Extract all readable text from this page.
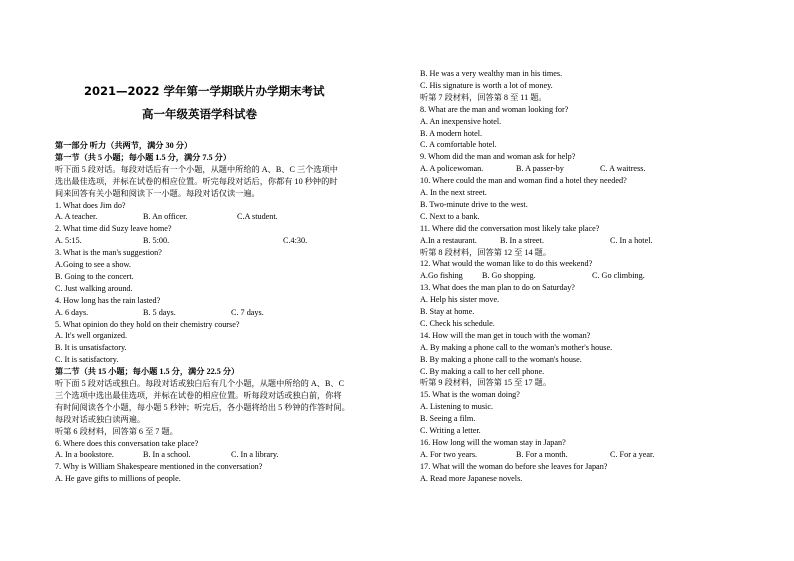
2021—2022 学年第一学期联片办学期末考试
高一年级英语学科试卷
第一部分 听力（共两节，满分 30 分）
第一节（共 5 小题；每小题 1.5 分，满分 7.5 分）
听下面 5 段对话。每段对话后有一个小题，从题中所给的 A、B、C 三个选项中
选出最佳选项，并标在试卷的相应位置。听完每段对话后，你都有 10 秒钟的时
间来回答有关小题和阅读下一小题。每段对话仅读一遍。
1. What does Jim do?
A. A teacher.	B. An officer.	C.A student.
2. What time did Suzy leave home?
A. 5:15.	B. 5:00.	C.4:30.
3. What is the man's suggestion?
A.Going to see a show.
B. Going to the concert.
C. Just walking around.
4. How long has the rain lasted?
A. 6 days.	B. 5 days.	C. 7 days.
5. What opinion do they hold on their chemistry course?
A. It's well organized.
B. It is unsatisfactory.
C. It is satisfactory.
第二节（共 15 小题；每小题 1.5 分，满分 22.5 分）
听下面 5 段对话或独白。每段对话或独白后有几个小题，从题中所给的 A、B、C
三个选项中选出最佳选项，并标在试卷的相应位置。听每段对话或独白前，你将
有时间阅读各个小题，每小题 5 秒钟；听完后，各小题将给出 5 秒钟的作答时间。
每段对话或独白读两遍。
听第 6 段材料，回答第 6 至 7 题。
6. Where does this conversation take place?
A. In a bookstore.	B. In a school.	C. In a library.
7. Why is William Shakespeare mentioned in the conversation?
A. He gave gifts to millions of people.
B. He was a very wealthy man in his times.
C. His signature is worth a lot of money.
听第 7 段材料，回答第 8 至 11 题。
8. What are the man and woman looking for?
A. An inexpensive hotel.
B. A modern hotel.
C. A comfortable hotel.
9. Whom did the man and woman ask for help?
A. A policewoman.	B. A passer-by	C. A waitress.
10. Where could the man and woman find a hotel they needed?
A. In the next street.
B. Two-minute drive to the west.
C. Next to a bank.
11. Where did the conversation most likely take place?
A.In a restaurant.	B. In a street.	C. In a hotel.
听第 8 段材料，回答第 12 至 14 题。
12. What would the woman like to do this weekend?
A.Go fishing B. Go shopping.	C. Go climbing.
13. What does the man plan to do on Saturday?
A. Help his sister move.
B. Stay at home.
C. Check his schedule.
14. How will the man get in touch with the woman?
A. By making a phone call to the woman's mother's house.
B. By making a phone call to the woman's house.
C. By making a call to her cell phone.
听第 9 段材料，回答第 15 至 17 题。
15. What is the woman doing?
A. Listening to music.
B. Seeing a film.
C. Writing a letter.
16. How long will the woman stay in Japan?
A. For two years.	B. For a month.	C. For a year.
17. What will the woman do before she leaves for Japan?
A. Read more Japanese novels.
